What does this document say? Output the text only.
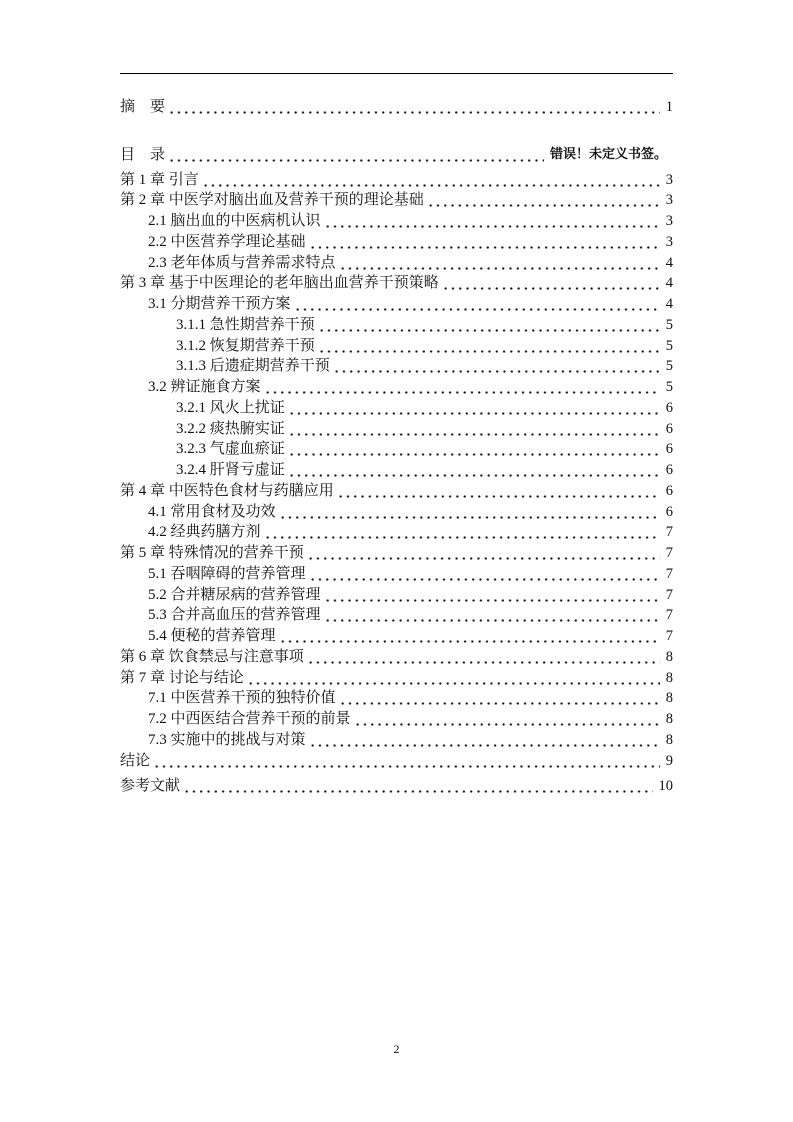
摘　要	1
目　录	错误！未定义书签。
第 1 章 引言	3
第 2 章 中医学对脑出血及营养干预的理论基础	3
2.1 脑出血的中医病机认识	3
2.2 中医营养学理论基础	3
2.3 老年体质与营养需求特点	4
第 3 章 基于中医理论的老年脑出血营养干预策略	4
3.1 分期营养干预方案	4
3.1.1 急性期营养干预	5
3.1.2 恢复期营养干预	5
3.1.3 后遗症期营养干预	5
3.2 辨证施食方案	5
3.2.1 风火上扰证	6
3.2.2 痰热腑实证	6
3.2.3 气虚血瘀证	6
3.2.4 肝肾亏虚证	6
第 4 章 中医特色食材与药膳应用	6
4.1 常用食材及功效	6
4.2 经典药膳方剂	7
第 5 章 特殊情况的营养干预	7
5.1 吞咽障碍的营养管理	7
5.2 合并糖尿病的营养管理	7
5.3 合并高血压的营养管理	7
5.4 便秘的营养管理	7
第 6 章 饮食禁忌与注意事项	8
第 7 章 讨论与结论	8
7.1 中医营养干预的独特价值	8
7.2 中西医结合营养干预的前景	8
7.3 实施中的挑战与对策	8
结论	9
参考文献	10
2
